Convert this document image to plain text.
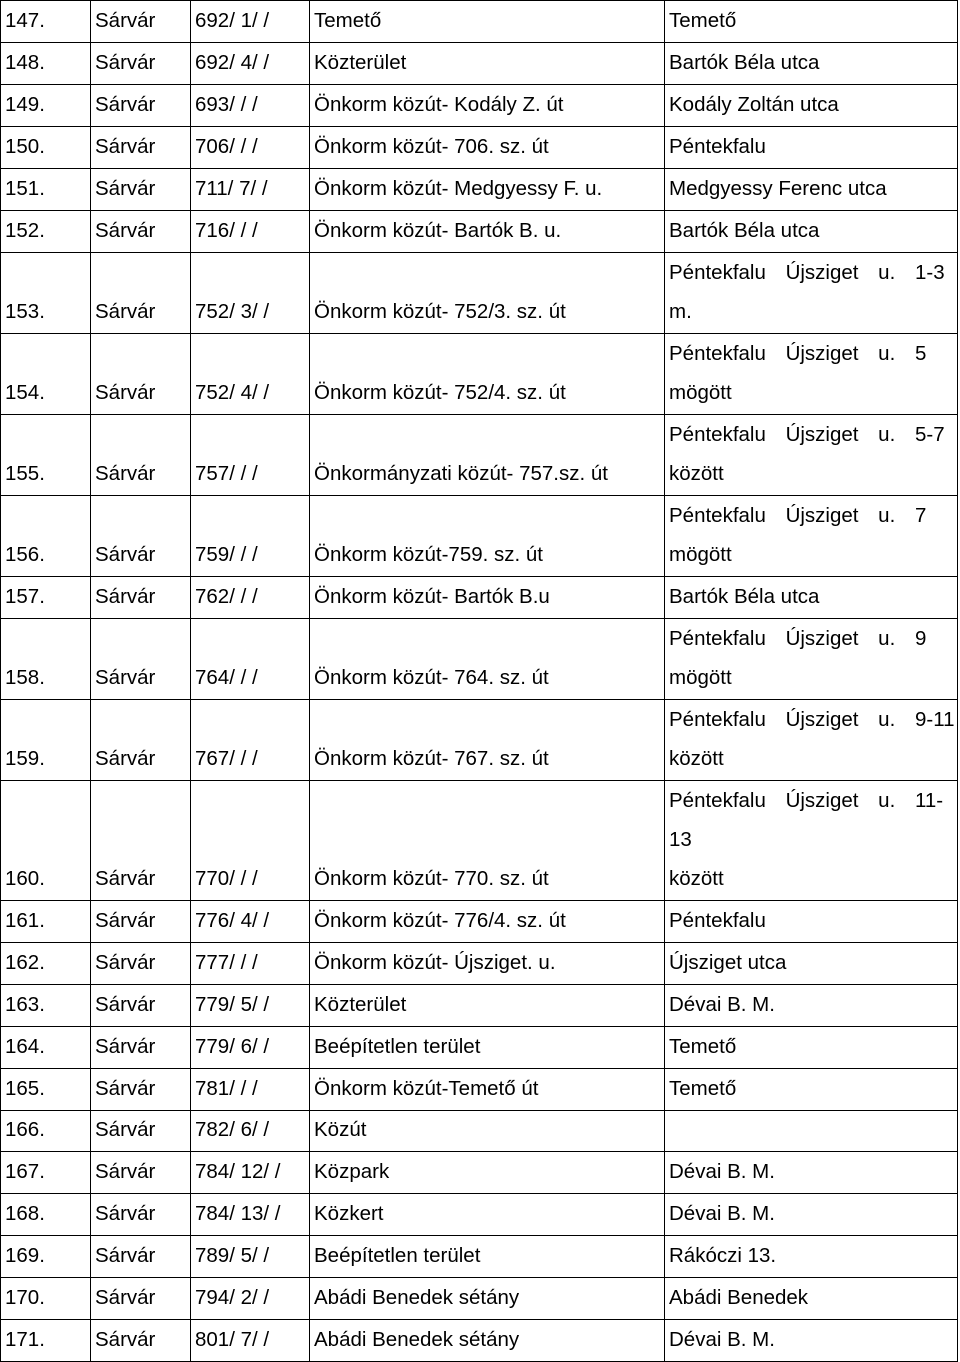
147.	Sárvár	692/ 1/ /	Temető	Temető

148.	Sárvár	692/ 4/ /	Közterület	Bartók Béla utca

149.	Sárvár	693/ / /	Önkorm közút- Kodály Z. út	Kodály Zoltán utca

150.	Sárvár	706/ / /	Önkorm közút- 706. sz. út	Péntekfalu

151.	Sárvár	711/ 7/ /	Önkorm közút- Medgyessy F. u.	Medgyessy Ferenc utca

152.	Sárvár	716/ / /	Önkorm közút- Bartók B. u.	Bartók Béla utca

153.	Sárvár	752/ 3/ /	Önkorm közút- 752/3. sz. út	Péntekfalu Újsziget u. 1-3
m.

154.	Sárvár	752/ 4/ /	Önkorm közút- 752/4. sz. út	Péntekfalu Újsziget u. 5
mögött

155.	Sárvár	757/ / /	Önkormányzati közút- 757.sz. út	Péntekfalu Újsziget u. 5-7
között

156.	Sárvár	759/ / /	Önkorm közút-759. sz. út	Péntekfalu Újsziget u. 7
mögött

157.	Sárvár	762/ / /	Önkorm közút- Bartók B.u	Bartók Béla utca

158.	Sárvár	764/ / /	Önkorm közút- 764. sz. út	Péntekfalu Újsziget u. 9
mögött

159.	Sárvár	767/ / /	Önkorm közút- 767. sz. út	Péntekfalu Újsziget u. 9-11
között

160.	Sárvár	770/ / /	Önkorm közút- 770. sz. út	Péntekfalu Újsziget u. 11-13
között

161.	Sárvár	776/ 4/ /	Önkorm közút- 776/4. sz. út	Péntekfalu

162.	Sárvár	777/ / /	Önkorm közút- Újsziget. u.	Újsziget utca

163.	Sárvár	779/ 5/ /	Közterület	Dévai B. M.

164.	Sárvár	779/ 6/ /	Beépítetlen terület	Temető

165.	Sárvár	781/ / /	Önkorm közút-Temető út	Temető

166.	Sárvár	782/ 6/ /	Közút	

167.	Sárvár	784/ 12/ /	Közpark	Dévai B. M.

168.	Sárvár	784/ 13/ /	Közkert	Dévai B. M.

169.	Sárvár	789/ 5/ /	Beépítetlen terület	Rákóczi 13.

170.	Sárvár	794/ 2/ /	Abádi Benedek sétány	Abádi Benedek

171.	Sárvár	801/ 7/ /	Abádi Benedek sétány	Dévai B. M.
